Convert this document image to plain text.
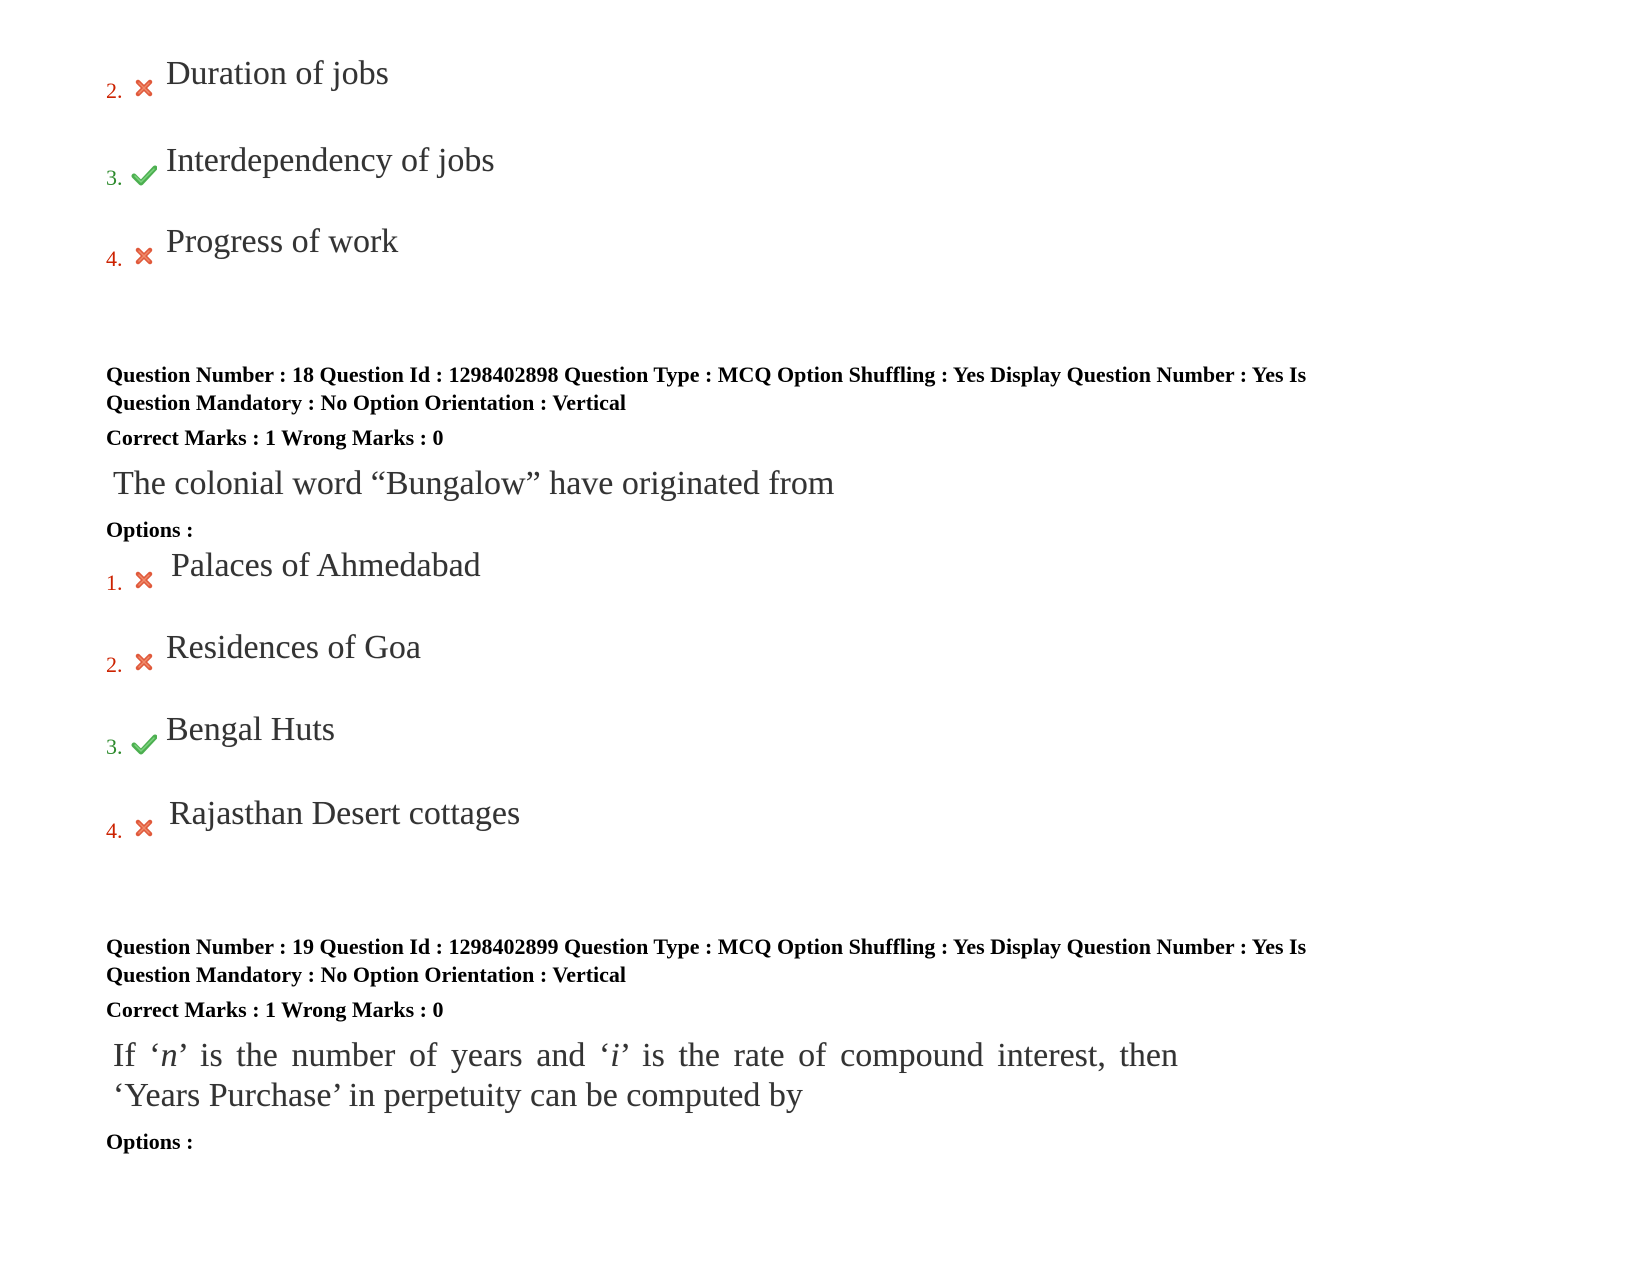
2. Duration of jobs
3. Interdependency of jobs
4. Progress of work
Question Number : 18 Question Id : 1298402898 Question Type : MCQ Option Shuffling : Yes Display Question Number : Yes Is
Question Mandatory : No Option Orientation : Vertical
Correct Marks : 1 Wrong Marks : 0
The colonial word “Bungalow” have originated from
Options :
1. Palaces of Ahmedabad
2. Residences of Goa
3. Bengal Huts
4. Rajasthan Desert cottages
Question Number : 19 Question Id : 1298402899 Question Type : MCQ Option Shuffling : Yes Display Question Number : Yes Is
Question Mandatory : No Option Orientation : Vertical
Correct Marks : 1 Wrong Marks : 0
If ‘n’ is the number of years and ‘i’ is the rate of compound interest, then
‘Years Purchase’ in perpetuity can be computed by
Options :
